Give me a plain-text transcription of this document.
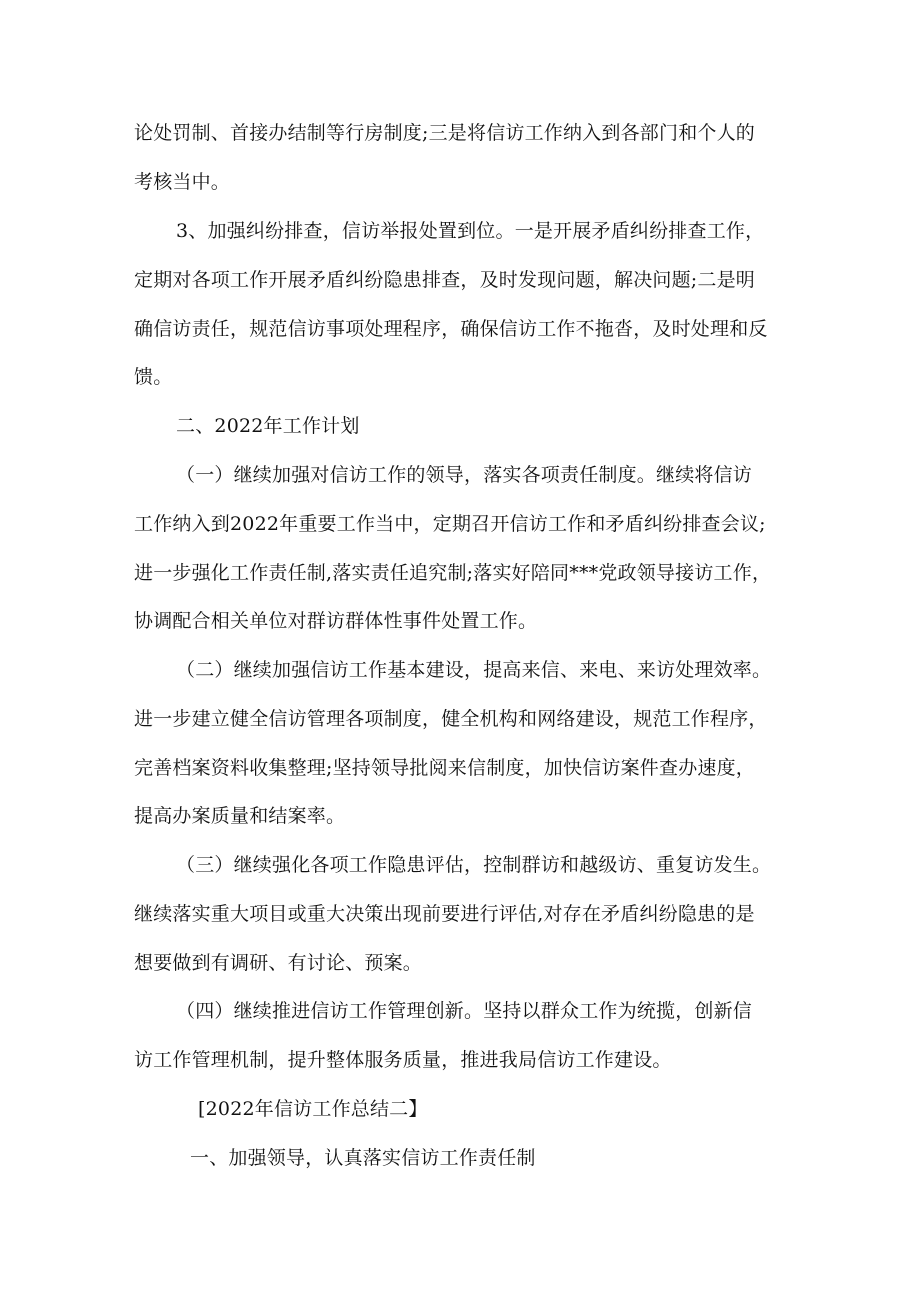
论处罚制、首接办结制等行房制度;三是将信访工作纳入到各部门和个人的
考核当中。
3、加强纠纷排查，信访举报处置到位。一是开展矛盾纠纷排查工作，
定期对各项工作开展矛盾纠纷隐患排查，及时发现问题，解决问题;二是明
确信访责任，规范信访事项处理程序，确保信访工作不拖沓，及时处理和反
馈。
二、2022年工作计划
（一）继续加强对信访工作的领导，落实各项责任制度。继续将信访
工作纳入到2022年重要工作当中，定期召开信访工作和矛盾纠纷排查会议;
进一步强化工作责任制,落实责任追究制;落实好陪同***党政领导接访工作，
协调配合相关单位对群访群体性事件处置工作。
（二）继续加强信访工作基本建设，提高来信、来电、来访处理效率。
进一步建立健全信访管理各项制度，健全机构和网络建设，规范工作程序，
完善档案资料收集整理;坚持领导批阅来信制度，加快信访案件查办速度，
提高办案质量和结案率。
（三）继续强化各项工作隐患评估，控制群访和越级访、重复访发生。
继续落实重大项目或重大决策出现前要进行评估,对存在矛盾纠纷隐患的是
想要做到有调研、有讨论、预案。
（四）继续推进信访工作管理创新。坚持以群众工作为统揽，创新信
访工作管理机制，提升整体服务质量，推进我局信访工作建设。
[2022年信访工作总结二】
一、加强领导，认真落实信访工作责任制
